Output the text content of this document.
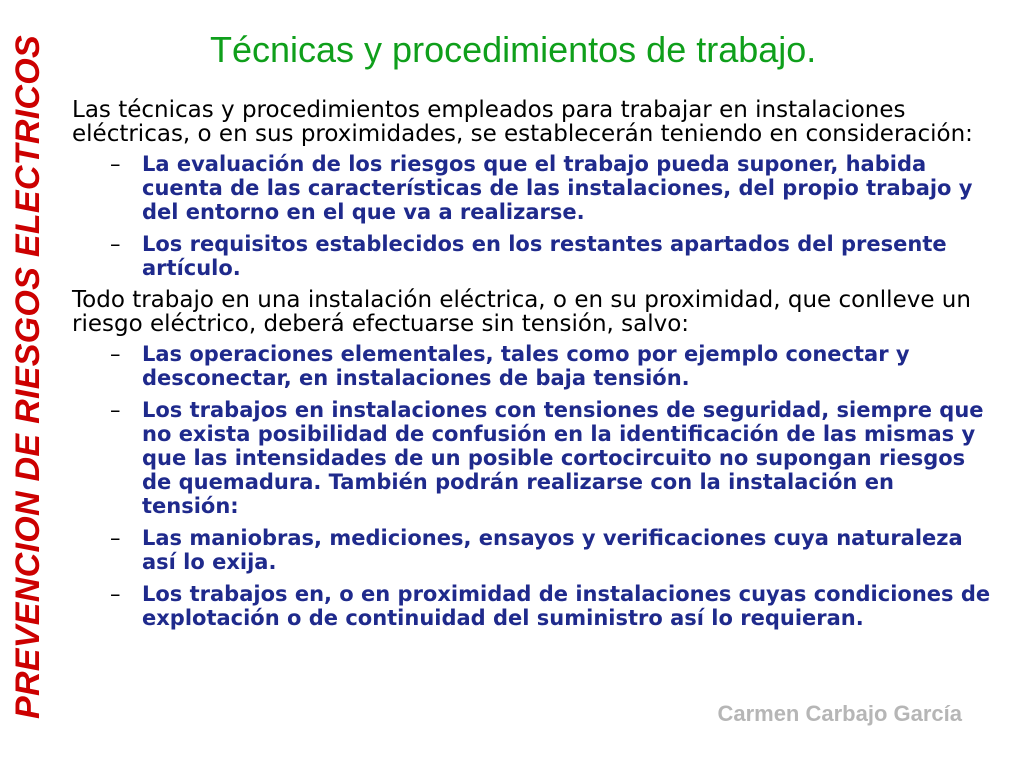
PREVENCION DE RIESGOS ELECTRICOS	Técnicas y procedimientos de trabajo.
Carmen Carbajo García

Las técnicas y procedimientos empleados para trabajar en instalaciones eléctricas, o en sus proximidades, se establecerán teniendo en consideración:

– La evaluación de los riesgos que el trabajo pueda suponer, habida cuenta de las características de las instalaciones, del propio trabajo y del entorno en el que va a realizarse.
– Los requisitos establecidos en los restantes apartados del presente artículo.

Todo trabajo en una instalación eléctrica, o en su proximidad, que conlleve un riesgo eléctrico, deberá efectuarse sin tensión, salvo:

– Las operaciones elementales, tales como por ejemplo conectar y desconectar, en instalaciones de baja tensión.
– Los trabajos en instalaciones con tensiones de seguridad, siempre que no exista posibilidad de confusión en la identificación de las mismas y que las intensidades de un posible cortocircuito no supongan riesgos de quemadura. También podrán realizarse con la instalación en tensión:
– Las maniobras, mediciones, ensayos y verificaciones cuya naturaleza así lo exija.
– Los trabajos en, o en proximidad de instalaciones cuyas condiciones de explotación o de continuidad del suministro así lo requieran.
